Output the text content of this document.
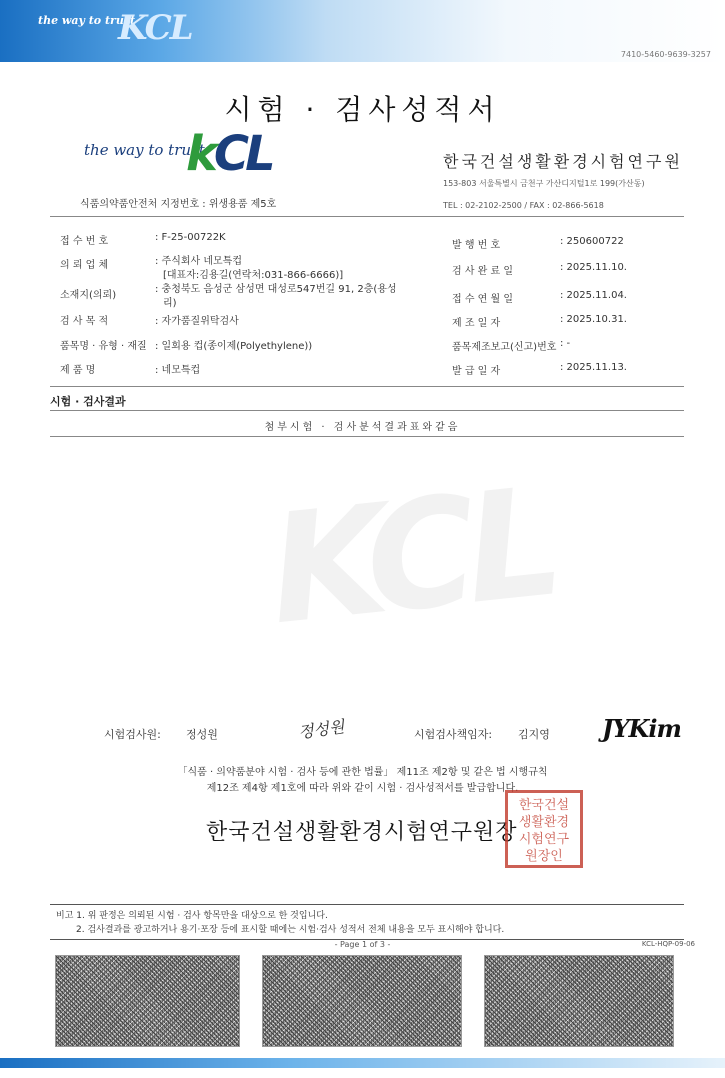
the way to trust
KCL
7410-5460-9639-3257
시험 · 검사성적서
the way to trust
kCL	한국건설생활환경시험연구원
153-803 서울특별시 금천구 가산디지털1로 199(가산동)
TEL : 02-2102-2500 / FAX : 02-866-5618
식품의약품안전처 지정번호 : 위생용품 제5호
접 수 번 호	: F-25-00722K
의 뢰 업 체	: 주식회사 네모특컵
[대표자:김용길(연락처:031-866-6666)]
소재지(의뢰)
: 충청북도 음성군 삼성면 대성로547번길 91, 2층(용성
리)
검 사 목 적	: 자가품질위탁검사
품목명 · 유형 · 재질 : 일회용 컵(종이제(Polyethylene))
제 품 명	: 네모특컵
발 행 번 호	: 250600722
검 사 완 료 일	: 2025.11.10.
접 수 연 월 일	: 2025.11.04.
제 조 일 자	: 2025.10.31.
품목제조보고(신고)번호 : -
발 급 일 자	: 2025.11.13.
시험 · 검사결과
첨부시험 · 검사분석결과표와같음
KCL
시험검사원: 정성원	정성원	시험검사책임자: 김지영 JYKim
「식품 · 의약품분야 시험 · 검사 등에 관한 법률」 제11조 제2항 및 같은 법 시행규칙
제12조 제4항 제1호에 따라 위와 같이 시험 · 검사성적서를 발급합니다.
한국건설생활환경시험연구원장
한국건설
생활환경
시험연구
원장인
비고 1. 위 판정은 의뢰된 시험 · 검사 항목만을 대상으로 한 것입니다.
2. 검사결과를 광고하거나 용기·포장 등에 표시할 때에는 시험·검사 성적서 전체 내용을 모두 표시해야 합니다.
- Page 1 of 3 -	KCL-HQP-09-06
